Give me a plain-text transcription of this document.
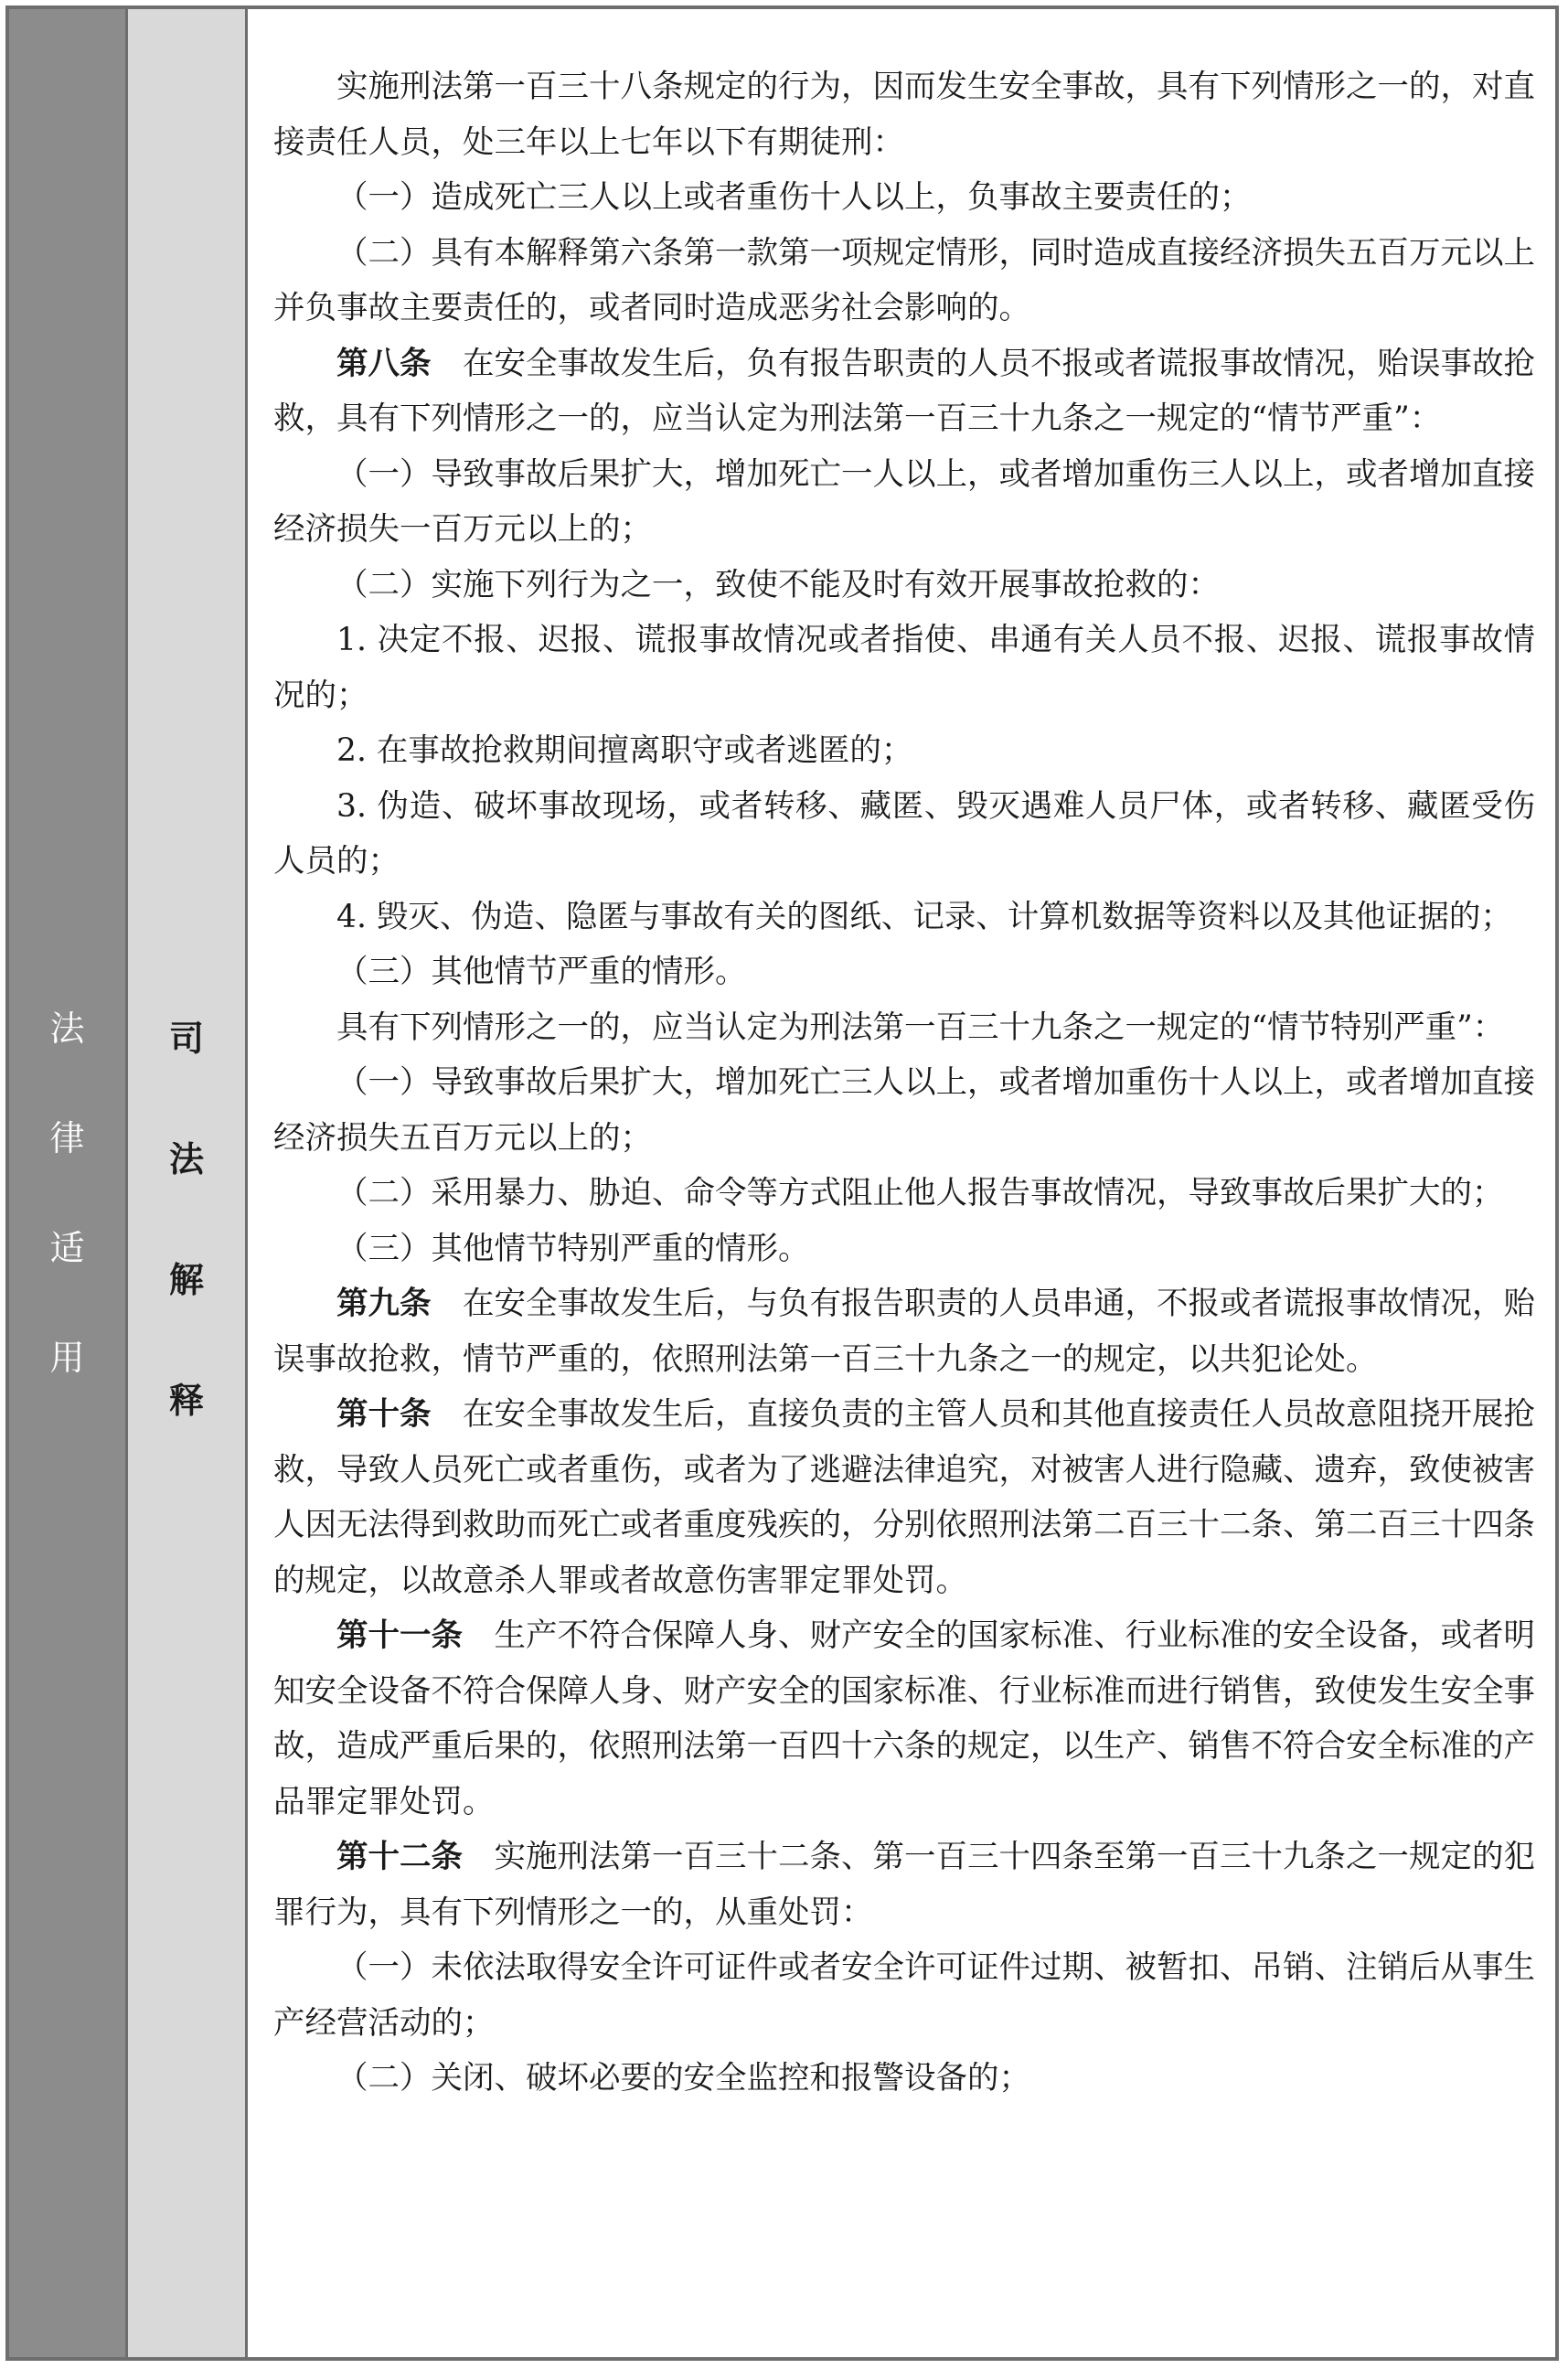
法
律
适
用
司
法
解
释

实施刑法第一百三十八条规定的行为，因而发生安全事故，具有下列情形之一的，对直接责任人员，处三年以上七年以下有期徒刑：

（一）造成死亡三人以上或者重伤十人以上，负事故主要责任的；

（二）具有本解释第六条第一款第一项规定情形，同时造成直接经济损失五百万元以上并负事故主要责任的，或者同时造成恶劣社会影响的。

第八条　 在安全事故发生后，负有报告职责的人员不报或者谎报事故情况，贻误事故抢救，具有下列情形之一的，应当认定为刑法第一百三十九条之一规定的“情节严重”：

（一）导致事故后果扩大，增加死亡一人以上，或者增加重伤三人以上，或者增加直接经济损失一百万元以上的；

（二）实施下列行为之一，致使不能及时有效开展事故抢救的：

1. 决定不报、迟报、谎报事故情况或者指使、串通有关人员不报、迟报、谎报事故情况的；

2. 在事故抢救期间擅离职守或者逃匿的；

3. 伪造、破坏事故现场，或者转移、藏匿、毁灭遇难人员尸体，或者转移、藏匿受伤人员的；

4. 毁灭、伪造、隐匿与事故有关的图纸、记录、计算机数据等资料以及其他证据的；

（三）其他情节严重的情形。

具有下列情形之一的，应当认定为刑法第一百三十九条之一规定的“情节特别严重”：

（一）导致事故后果扩大，增加死亡三人以上，或者增加重伤十人以上，或者增加直接经济损失五百万元以上的；

（二）采用暴力、胁迫、命令等方式阻止他人报告事故情况，导致事故后果扩大的；

（三）其他情节特别严重的情形。

第九条　 在安全事故发生后，与负有报告职责的人员串通，不报或者谎报事故情况，贻误事故抢救，情节严重的，依照刑法第一百三十九条之一的规定，以共犯论处。

第十条　 在安全事故发生后，直接负责的主管人员和其他直接责任人员故意阻挠开展抢救，导致人员死亡或者重伤，或者为了逃避法律追究，对被害人进行隐藏、遗弃，致使被害人因无法得到救助而死亡或者重度残疾的，分别依照刑法第二百三十二条、第二百三十四条的规定，以故意杀人罪或者故意伤害罪定罪处罚。

第十一条　 生产不符合保障人身、财产安全的国家标准、行业标准的安全设备，或者明知安全设备不符合保障人身、财产安全的国家标准、行业标准而进行销售，致使发生安全事故，造成严重后果的，依照刑法第一百四十六条的规定，以生产、销售不符合安全标准的产品罪定罪处罚。

第十二条　 实施刑法第一百三十二条、第一百三十四条至第一百三十九条之一规定的犯罪行为，具有下列情形之一的，从重处罚：

（一）未依法取得安全许可证件或者安全许可证件过期、被暂扣、吊销、注销后从事生产经营活动的；

（二）关闭、破坏必要的安全监控和报警设备的；
